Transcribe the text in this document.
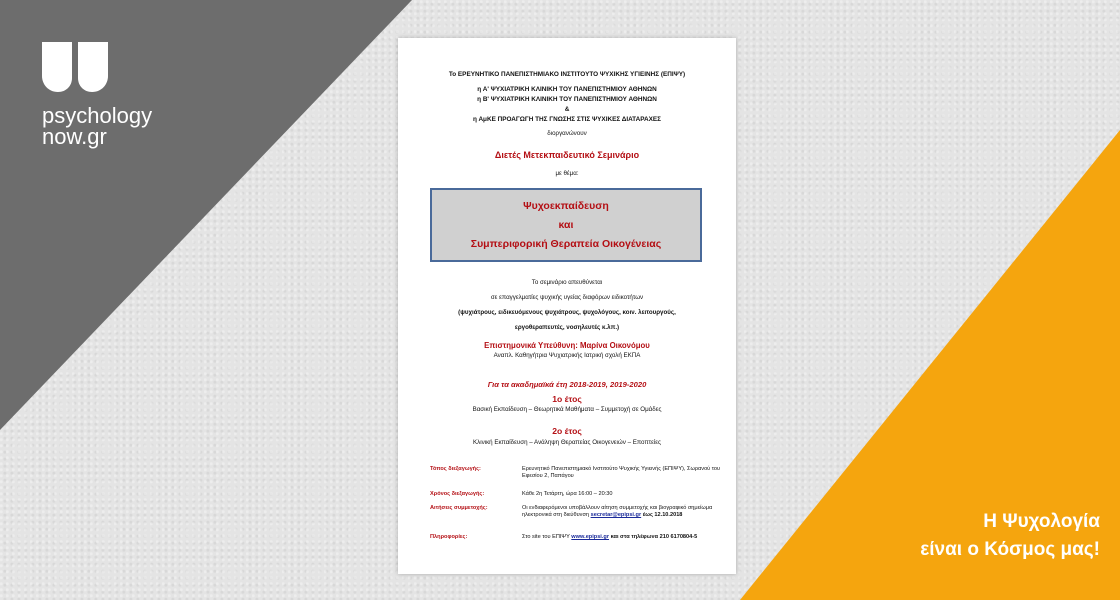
psychology
now.gr
Η Ψυχολογία
είναι ο Κόσμος μας!
Το ΕΡΕΥΝΗΤΙΚΟ ΠΑΝΕΠΙΣΤΗΜΙΑΚΟ ΙΝΣΤΙΤΟΥΤΟ ΨΥΧΙΚΗΣ ΥΓΙΕΙΝΗΣ (ΕΠΙΨΥ)
η Α' ΨΥΧΙΑΤΡΙΚΗ ΚΛΙΝΙΚΗ ΤΟΥ ΠΑΝΕΠΙΣΤΗΜΙΟΥ ΑΘΗΝΩΝ
η Β' ΨΥΧΙΑΤΡΙΚΗ ΚΛΙΝΙΚΗ ΤΟΥ ΠΑΝΕΠΙΣΤΗΜΙΟΥ ΑΘΗΝΩΝ
&
η ΑμΚΕ ΠΡΟΑΓΩΓΗ ΤΗΣ ΓΝΩΣΗΣ ΣΤΙΣ ΨΥΧΙΚΕΣ ΔΙΑΤΑΡΑΧΕΣ
διοργανώνουν
Διετές Μετεκπαιδευτικό Σεμινάριο
με θέμα:
Ψυχοεκπαίδευση
και
Συμπεριφορική Θεραπεία Οικογένειας
Το σεμινάριο απευθύνεται
σε επαγγελματίες ψυχικής υγείας διαφόρων ειδικοτήτων
(ψυχιάτρους, ειδικευόμενους ψυχιάτρους, ψυχολόγους, κοιν. λειτουργούς,
εργοθεραπευτές, νοσηλευτές κ.λπ.)
Επιστημονικά Υπεύθυνη: Μαρίνα Οικονόμου
Αναπλ. Καθηγήτρια Ψυχιατρικής Ιατρική σχολή ΕΚΠΑ
Για τα ακαδημαϊκά έτη 2018-2019, 2019-2020
1ο έτος
Βασική Εκπαίδευση – Θεωρητικά Μαθήματα – Συμμετοχή σε Ομάδες
2ο έτος
Κλινική Εκπαίδευση – Ανάληψη Θεραπείας Οικογενειών – Εποπτείες
Τόπος διεξαγωγής:	Ερευνητικό Πανεπιστημιακό Ινστιτούτο Ψυχικής Υγιεινής (ΕΠΙΨΥ), Σωρανού του Εφεσίου 2, Παπάγου
Χρόνος διεξαγωγής:	Κάθε 2η Τετάρτη, ώρα 16:00 – 20:30
Αιτήσεις συμμετοχής:	Οι ενδιαφερόμενοι υποβάλλουν αίτηση συμμετοχής και βιογραφικό σημείωμα ηλεκτρονικά στη διεύθυνση secretar@epipsi.gr έως 12.10.2018
Πληροφορίες:	Στο site του ΕΠΙΨΥ www.epipsi.gr και στα τηλέφωνα 210 6170804-5
